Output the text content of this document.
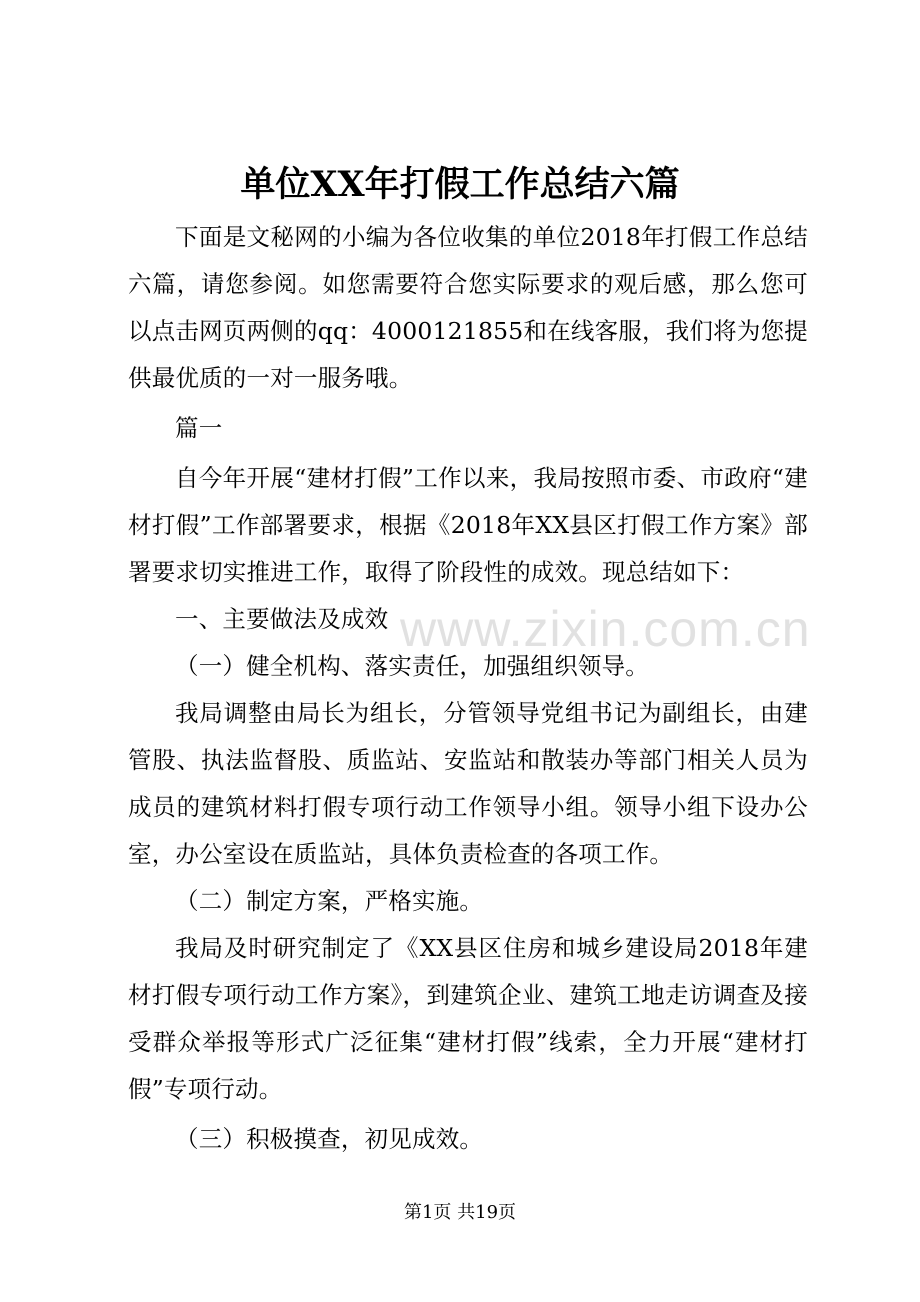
单位XX年打假工作总结六篇

下面是文秘网的小编为各位收集的单位2018年打假工作总结六篇，请您参阅。如您需要符合您实际要求的观后感，那么您可以点击网页两侧的qq：4000121855和在线客服，我们将为您提供最优质的一对一服务哦。

篇一

自今年开展“建材打假”工作以来，我局按照市委、市政府“建材打假”工作部署要求，根据《2018年XX县区打假工作方案》部署要求切实推进工作，取得了阶段性的成效。现总结如下：

一、主要做法及成效

（一）健全机构、落实责任，加强组织领导。

我局调整由局长为组长，分管领导党组书记为副组长，由建管股、执法监督股、质监站、安监站和散装办等部门相关人员为成员的建筑材料打假专项行动工作领导小组。领导小组下设办公室，办公室设在质监站，具体负责检查的各项工作。

（二）制定方案，严格实施。

我局及时研究制定了《XX县区住房和城乡建设局2018年建材打假专项行动工作方案》，到建筑企业、建筑工地走访调查及接受群众举报等形式广泛征集“建材打假”线索，全力开展“建材打假”专项行动。

（三）积极摸查，初见成效。

www.zixin.com.cn
第1页 共19页
